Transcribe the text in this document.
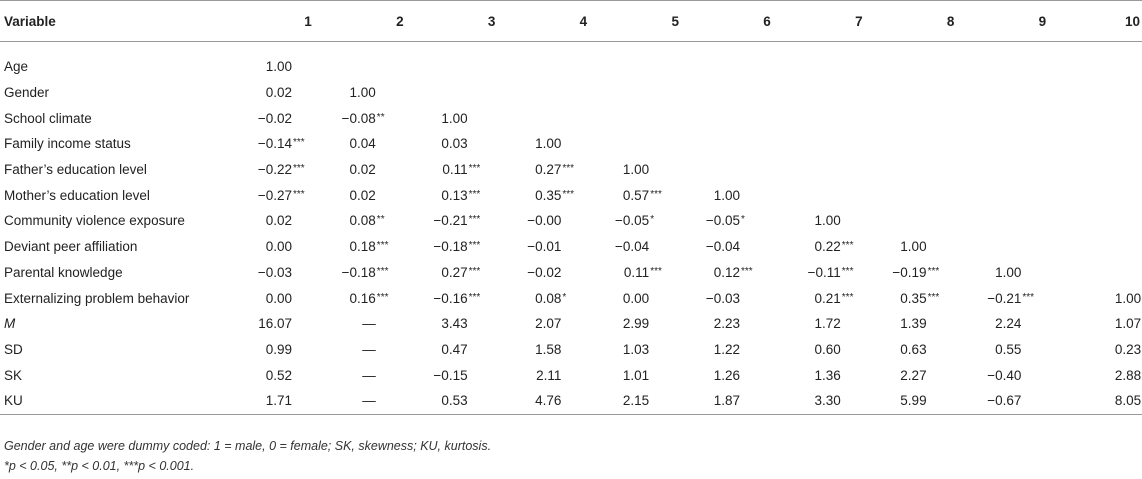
Variable	1	2	3	4	5	6	7	8	9	10

Age	1.00									
Gender	0.02	1.00								
School climate	−0.02	−0.08**	1.00							
Family income status	−0.14***	0.04	0.03	1.00						
Father’s education level	−0.22***	0.02	0.11***	0.27***	1.00					
Mother’s education level	−0.27***	0.02	0.13***	0.35***	0.57***	1.00				
Community violence exposure	0.02	0.08**	−0.21***	−0.00	−0.05*	−0.05*	1.00			
Deviant peer affiliation	0.00	0.18***	−0.18***	−0.01	−0.04	−0.04	0.22***	1.00		
Parental knowledge	−0.03	−0.18***	0.27***	−0.02	0.11***	0.12***	−0.11***	−0.19***	1.00	
Externalizing problem behavior	0.00	0.16***	−0.16***	0.08*	0.00	−0.03	0.21***	0.35***	−0.21***	1.00
M	16.07	—	3.43	2.07	2.99	2.23	1.72	1.39	2.24	1.07
SD	0.99	—	0.47	1.58	1.03	1.22	0.60	0.63	0.55	0.23
SK	0.52	—	−0.15	2.11	1.01	1.26	1.36	2.27	−0.40	2.88
KU	1.71	—	0.53	4.76	2.15	1.87	3.30	5.99	−0.67	8.05
Gender and age were dummy coded: 1 = male, 0 = female; SK, skewness; KU, kurtosis.
*p < 0.05, **p < 0.01, ***p < 0.001.
